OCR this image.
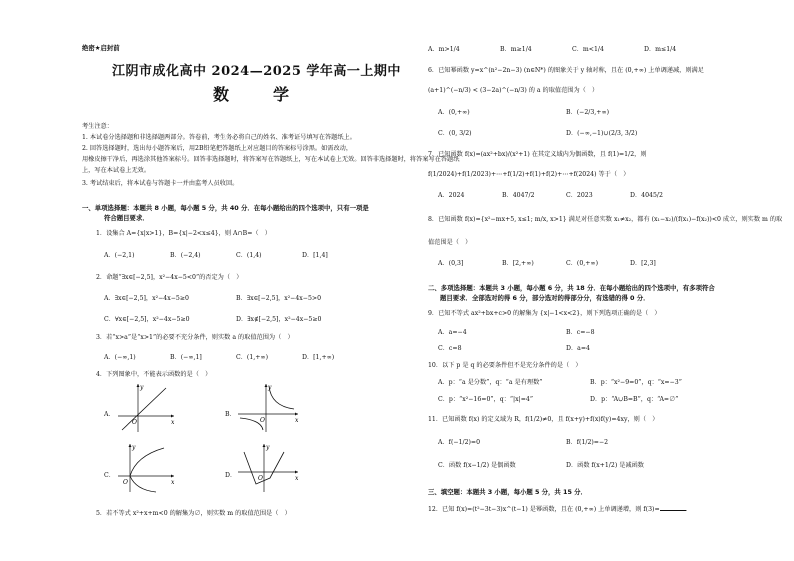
绝密★启封前
江阴市成化高中 2024—2025 学年高一上期中
数　学
考生注意：
1. 本试卷分选择题和非选择题两部分。答卷前，考生务必将自己的姓名、准考证号填写在答题纸上。
2. 回答选择题时，选出每小题答案后，用2B铅笔把答题纸上对应题目的答案标号涂黑。如需改动，
用橡皮擦干净后，再选涂其他答案标号。回答非选择题时，将答案写在答题纸上，写在本试卷上无效。回答非选择题时，将答案写在答题纸
上，写在本试卷上无效。
3. 考试结束后，将本试卷与答题卡一并由监考人员收回。
一、单项选择题：本题共 8 小题，每小题 5 分，共 40 分．在每小题给出的四个选项中，只有一项是
符合题目要求．
1．设集合 A={x|x>1}，B={x|−2<x≤4}，则 A∩B=（　）
A．(−2,1)	B．(−2,4)	C．(1,4)	D．[1,4]
2．命题“∃x∈[−2,5]，x²−4x−5<0”的否定为（　）
A．∃x∈[−2,5]，x²−4x−5≥0	B．∃x∈[−2,5]，x²−4x−5>0
C．∀x∈[−2,5]，x²−4x−5≥0	D．∃x∉[−2,5]，x²−4x−5≥0
3．若“x>a”是“x>1”的必要不充分条件，则实数 a 的取值范围为（　）
A．(−∞,1)	B．(−∞,1]	C．(1,+∞)	D．[1,+∞)
4．下列图象中，不能表示函数的是（　）
A．
x
y
O
B．
x
y
O
C．
x
y
O
D．	x
y
O
5．若不等式 x²+x+m<0 的解集为∅，则实数 m 的取值范围是（　）
A．m>1/4	B．m≥1/4	C．m<1/4	D．m≤1/4
6．已知幂函数 y=x^(n²−2n−3) (n∈N*) 的图象关于 y 轴对称，且在 (0,+∞) 上单调递减，则满足
(a+1)^(−n/3) < (3−2a)^(−n/3) 的 a 的取值范围为（　）
A．(0,+∞)	B．(−2/3,+∞)
C．(0, 3/2)	D．(−∞,−1)∪(2/3, 3/2)
7．已知函数 f(x)=(ax²+bx)/(x²+1) 在其定义域内为偶函数，且 f(1)=1/2，则
f(1/2024)+f(1/2023)+⋯+f(1/2)+f(1)+f(2)+⋯+f(2024) 等于（　）
A．2024	B．4047/2	C．2023	D．4045/2
8．已知函数 f(x)={x²−mx+5, x≤1; m/x, x>1} 满足对任意实数 x₁≠x₂，都有 (x₁−x₂)/(f(x₁)−f(x₂))<0 成立，则实数 m 的取
值范围是（　）
A．(0,3]	B．[2,+∞)	C．(0,+∞)	D．[2,3]
二、多项选择题：本题共 3 小题，每小题 6 分，共 18 分．在每小题给出的四个选项中，有多项符合
题目要求．全部选对的得 6 分，部分选对的得部分分，有选错的得 0 分．
9．已知不等式 ax²+bx+c>0 的解集为 {x|−1<x<2}，则下列选项正确的是（　）
A．a=−4	B．c=−8
C．c=8	D．a=4
10．以下 p 是 q 的必要条件但不是充分条件的是（　）
A．p：“a 是分数”，q：“a 是有理数”	B．p：“x²−9=0”，q：“x=−3”
C．p：“x²−16=0”，q：“|x|=4”	D．p：“A∪B=B”，q：“A=∅”
11．已知函数 f(x) 的定义域为 R，f(1/2)≠0，且 f(x+y)+f(x)f(y)=4xy，则（　）
A．f(−1/2)=0	B．f(1/2)=−2
C．函数 f(x−1/2) 是偶函数	D．函数 f(x+1/2) 是减函数
三、填空题：本题共 3 小题，每小题 5 分，共 15 分．
12．已知 f(x)=(t²−3t−3)x^(t−1) 是幂函数，且在 (0,+∞) 上单调递增，则 f(3)=	．
